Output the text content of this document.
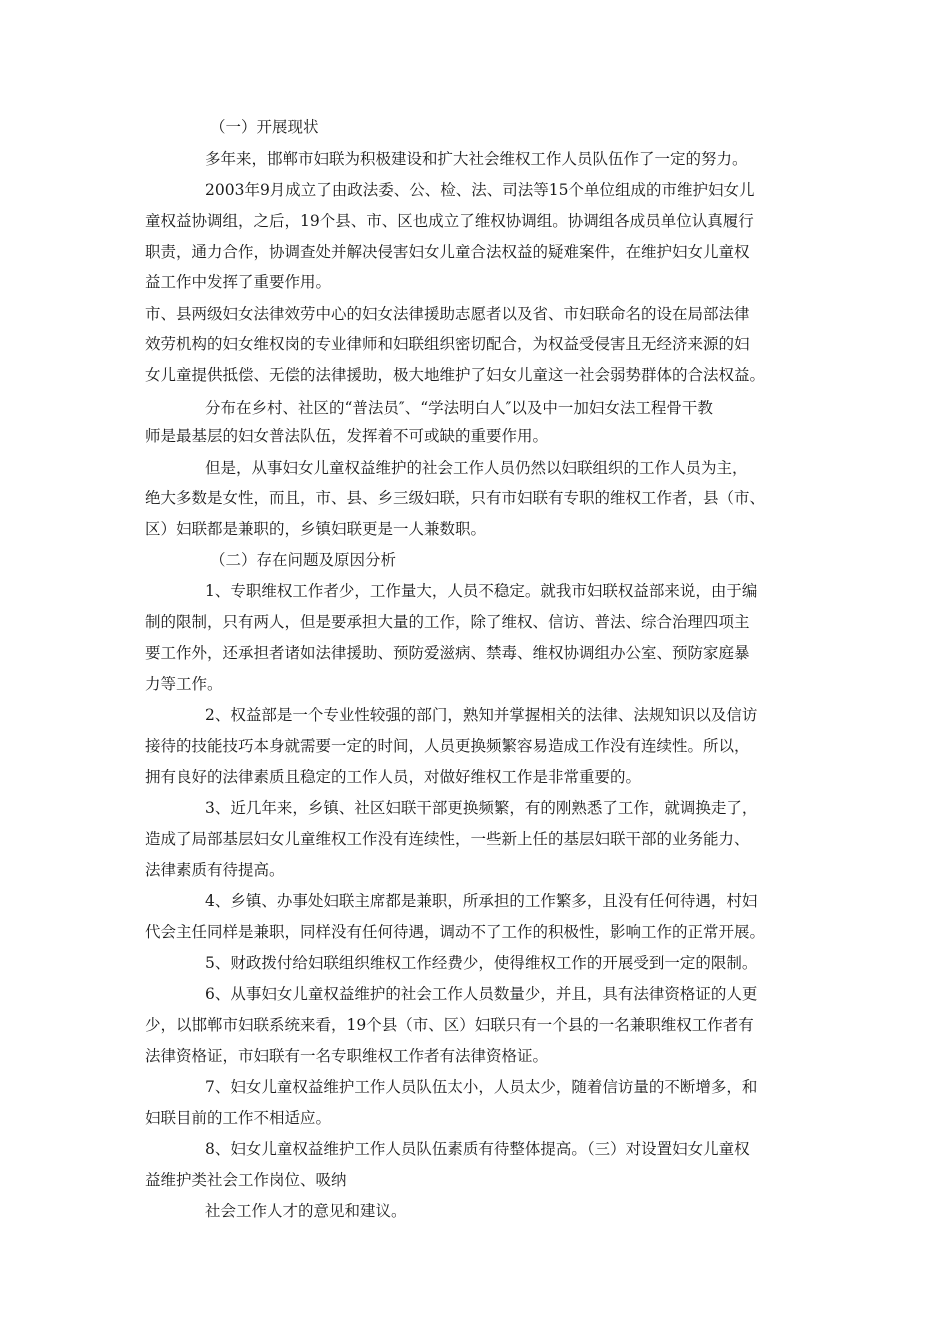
（一）开展现状
多年来，邯郸市妇联为积极建设和扩大社会维权工作人员队伍作了一定的努力。
2003年9月成立了由政法委、公、检、法、司法等15个单位组成的市维护妇女儿
童权益协调组，之后，19个县、市、区也成立了维权协调组。协调组各成员单位认真履行
职责，通力合作，协调查处并解决侵害妇女儿童合法权益的疑难案件，在维护妇女儿童权
益工作中发挥了重要作用。
市、县两级妇女法律效劳中心的妇女法律援助志愿者以及省、市妇联命名的设在局部法律
效劳机构的妇女维权岗的专业律师和妇联组织密切配合，为权益受侵害且无经济来源的妇
女儿童提供抵偿、无偿的法律援助，极大地维护了妇女儿童这一社会弱势群体的合法权益。
分布在乡村、社区的“普法员″、“学法明白人″以及中一加妇女法工程骨干教
师是最基层的妇女普法队伍，发挥着不可或缺的重要作用。
但是，从事妇女儿童权益维护的社会工作人员仍然以妇联组织的工作人员为主，
绝大多数是女性，而且，市、县、乡三级妇联，只有市妇联有专职的维权工作者，县（市、
区）妇联都是兼职的，乡镇妇联更是一人兼数职。
（二）存在问题及原因分析
1、专职维权工作者少，工作量大，人员不稳定。就我市妇联权益部来说，由于编
制的限制，只有两人，但是要承担大量的工作，除了维权、信访、普法、综合治理四项主
要工作外，还承担者诸如法律援助、预防爱滋病、禁毒、维权协调组办公室、预防家庭暴
力等工作。
2、权益部是一个专业性较强的部门，熟知并掌握相关的法律、法规知识以及信访
接待的技能技巧本身就需要一定的时间，人员更换频繁容易造成工作没有连续性。所以，
拥有良好的法律素质且稳定的工作人员，对做好维权工作是非常重要的。
3、近几年来，乡镇、社区妇联干部更换频繁，有的刚熟悉了工作，就调换走了，
造成了局部基层妇女儿童维权工作没有连续性，一些新上任的基层妇联干部的业务能力、
法律素质有待提高。
4、乡镇、办事处妇联主席都是兼职，所承担的工作繁多，且没有任何待遇，村妇
代会主任同样是兼职，同样没有任何待遇，调动不了工作的积极性，影响工作的正常开展。
5、财政拨付给妇联组织维权工作经费少，使得维权工作的开展受到一定的限制。
6、从事妇女儿童权益维护的社会工作人员数量少，并且，具有法律资格证的人更
少，以邯郸市妇联系统来看，19个县（市、区）妇联只有一个县的一名兼职维权工作者有
法律资格证，市妇联有一名专职维权工作者有法律资格证。
7、妇女儿童权益维护工作人员队伍太小，人员太少，随着信访量的不断增多，和
妇联目前的工作不相适应。
8、妇女儿童权益维护工作人员队伍素质有待整体提高。（三）对设置妇女儿童权
益维护类社会工作岗位、吸纳
社会工作人才的意见和建议。
